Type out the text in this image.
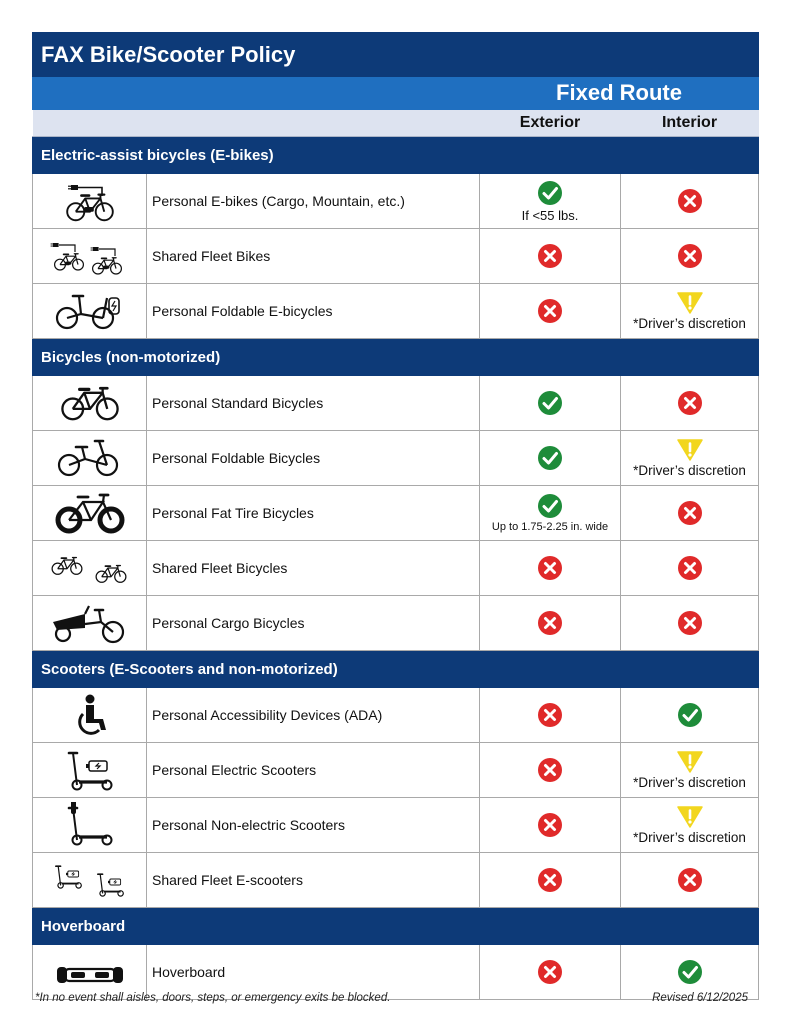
FAX Bike/Scooter Policy			
		Fixed Route	
		Exterior	Interior
Electric-assist bicycles (E-bikes)			

	Personal E-bikes (Cargo, Mountain, etc.)	If <55 lbs.

	Shared Fleet Bikes	

	Personal Foldable E-bicycles		*Driver’s discretion

Bicycles (non-motorized)			

	Personal Standard Bicycles	

	Personal Foldable Bicycles		*Driver’s discretion

	Personal Fat Tire Bicycles	Up to 1.75-2.25 in. wide

	Shared Fleet Bicycles	

	Personal Cargo Bicycles	

Scooters (E-Scooters and non-motorized)			

	Personal Accessibility Devices (ADA)	

	Personal Electric Scooters		*Driver’s discretion

	Personal Non-electric Scooters		*Driver’s discretion

	Shared Fleet E-scooters	

Hoverboard			

	Hoverboard	

*In no event shall aisles, doors, steps, or emergency exits be blocked.	Revised 6/12/2025
